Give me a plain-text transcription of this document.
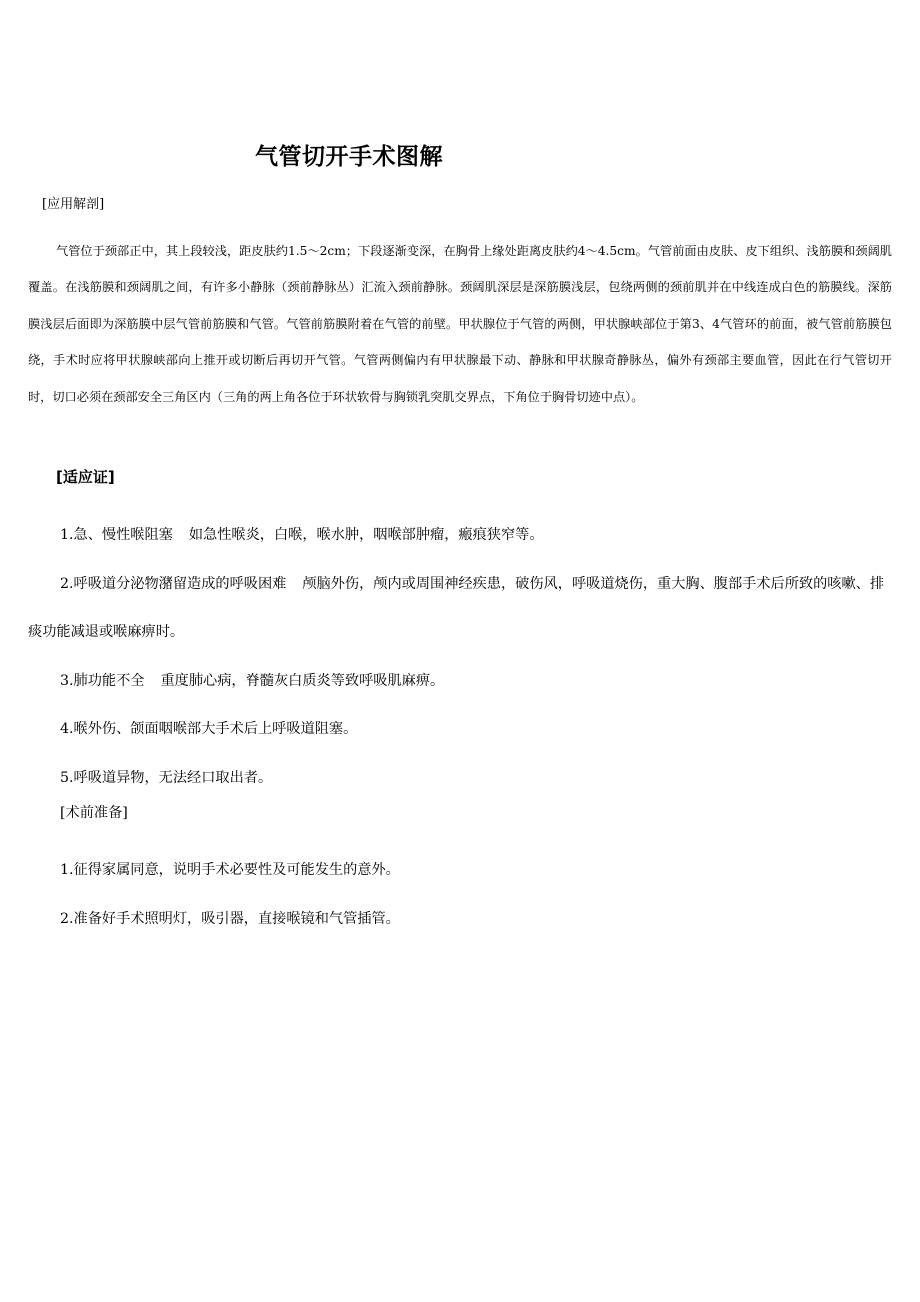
气管切开手术图解
[应用解剖]

气管位于颈部正中，其上段较浅，距皮肤约1.5～2cm；下段逐渐变深，在胸骨上缘处距离皮肤约4～4.5cm。气管前面由皮肤、皮下组织、浅筋膜和颈阔肌覆盖。在浅筋膜和颈阔肌之间，有许多小静脉（颈前静脉丛）汇流入颈前静脉。颈阔肌深层是深筋膜浅层，包绕两侧的颈前肌并在中线连成白色的筋膜线。深筋膜浅层后面即为深筋膜中层气管前筋膜和气管。气管前筋膜附着在气管的前壁。甲状腺位于气管的两侧，甲状腺峡部位于第3、4气管环的前面，被气管前筋膜包绕，手术时应将甲状腺峡部向上推开或切断后再切开气管。气管两侧偏内有甲状腺最下动、静脉和甲状腺奇静脉丛，偏外有颈部主要血管，因此在行气管切开时，切口必须在颈部安全三角区内（三角的两上角各位于环状软骨与胸锁乳突肌交界点，下角位于胸骨切迹中点）。

[适应证]
1.急、慢性喉阻塞 如急性喉炎，白喉，喉水肿，咽喉部肿瘤，瘢痕狭窄等。
2.呼吸道分泌物潴留造成的呼吸困难 颅脑外伤，颅内或周围神经疾患，破伤风，呼吸道烧伤，重大胸、腹部手术后所致的咳嗽、排痰功能减退或喉麻痹时。
3.肺功能不全 重度肺心病，脊髓灰白质炎等致呼吸肌麻痹。
4.喉外伤、颌面咽喉部大手术后上呼吸道阻塞。
5.呼吸道异物，无法经口取出者。
[术前准备]
1.征得家属同意，说明手术必要性及可能发生的意外。
2.准备好手术照明灯，吸引器，直接喉镜和气管插管。
